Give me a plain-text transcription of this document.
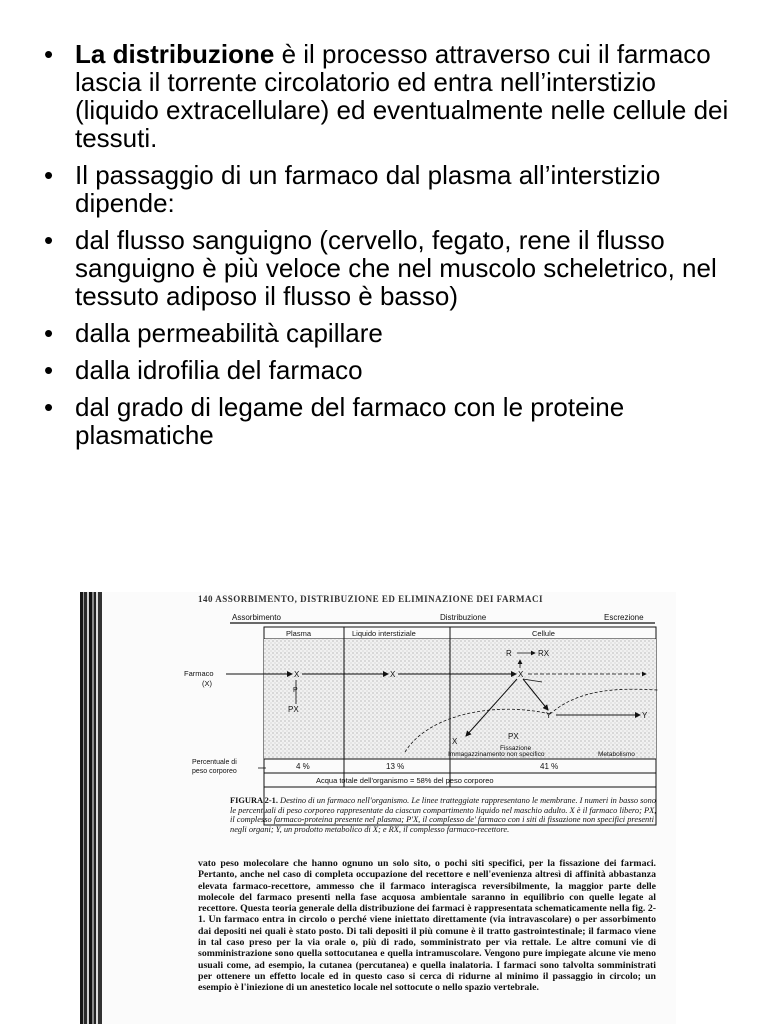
• La distribuzione è il processo attraverso cui il farmaco lascia il torrente circolatorio ed entra nell’interstizio (liquido extracellulare) ed eventualmente nelle cellule dei tessuti.
• Il passaggio di un farmaco dal plasma all’interstizio dipende:
• dal flusso sanguigno (cervello, fegato, rene il flusso sanguigno è più veloce che nel muscolo scheletrico, nel tessuto adiposo il flusso è basso)
• dalla permeabilità capillare
• dalla idrofilia del farmaco
• dal grado di legame del farmaco con le proteine plasmatiche
140 ASSORBIMENTO, DISTRIBUZIONE ED ELIMINAZIONE DEI FARMACI
Assorbimento	Distribuzione	Escrezione
Plasma	Liquido interstiziale	Cellule
Farmaco
(X)
X	X	X
P
PX
R	RX
Y	Y
X
PX
Fissazione
Immagazzinamento non specifico	Metabolismo
Percentuale di
peso corporeo
4 %	13 %	41 %
Acqua totale dell'organismo = 58% del peso corporeo
FIGURA 2-1. Destino di un farmaco nell'organismo. Le linee tratteggiate rappresentano le membrane. I numeri in basso sono le percentuali di peso corporeo rappresentate da ciascun compartimento liquido nel maschio adulto. X è il farmaco libero; PX, il complesso farmaco-proteina presente nel plasma; P'X, il complesso de' farmaco con i siti di fissazione non specifici presenti negli organi; Y, un prodotto metabolico di X; e RX, il complesso farmaco-recettore.

vato peso molecolare che hanno ognuno un solo sito, o pochi siti specifici, per la fissazione dei farmaci. Pertanto, anche nel caso di completa occupazione del recettore e nell'evenienza altresì di affinità abbastanza elevata farmaco-recettore, ammesso che il farmaco interagisca reversibilmente, la maggior parte delle molecole del farmaco presenti nella fase acquosa ambientale saranno in equilibrio con quelle legate al recettore. Questa teoria generale della distribuzione dei farmaci è rappresentata schematicamente nella fig. 2-1. Un farmaco entra in circolo o perché viene iniettato direttamente (via intravascolare) o per assorbimento dai depositi nei quali è stato posto. Di tali depositi il più comune è il tratto gastrointestinale; il farmaco viene in tal caso preso per la via orale o, più di rado, somministrato per via rettale. Le altre comuni vie di somministrazione sono quella sottocutanea e quella intramuscolare. Vengono pure impiegate alcune vie meno usuali come, ad esempio, la cutanea (percutanea) e quella inalatoria. I farmaci sono talvolta somministrati per ottenere un effetto locale ed in questo caso si cerca di ridurne al minimo il passaggio in circolo; un esempio è l'iniezione di un anestetico locale nel sottocute o nello spazio vertebrale.
